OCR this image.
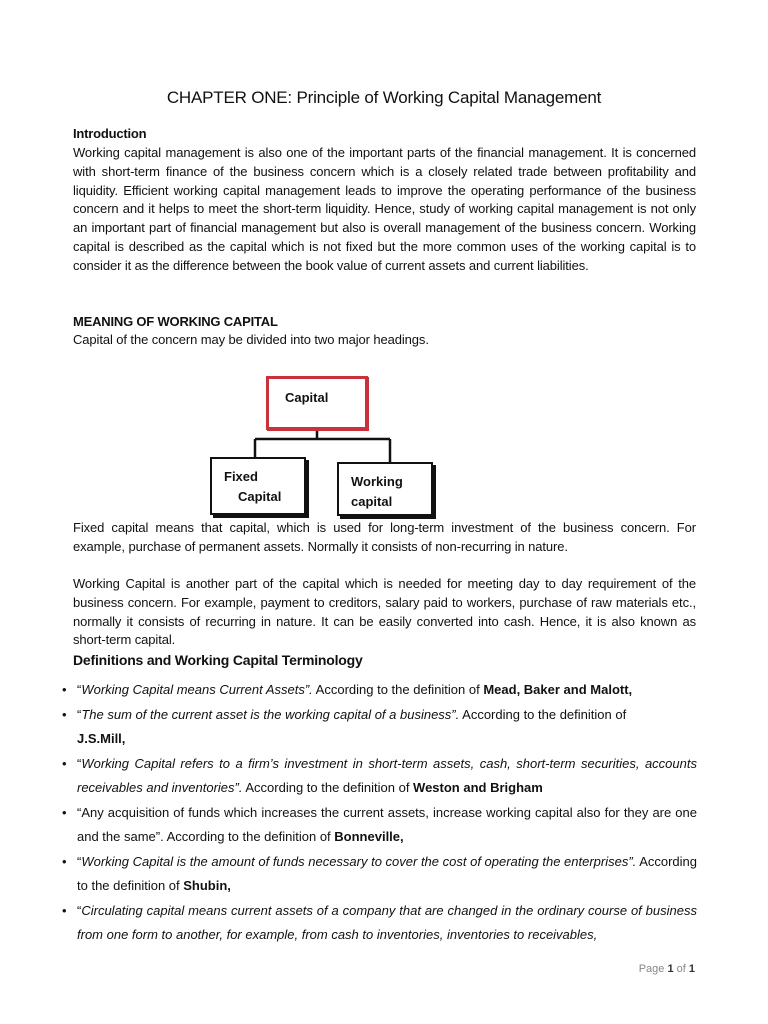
CHAPTER ONE: Principle of Working Capital Management
Introduction
Working capital management is also one of the important parts of the financial management. It is concerned with short-term finance of the business concern which is a closely related trade between profitability and liquidity. Efficient working capital management leads to improve the operating performance of the business concern and it helps to meet the short-term liquidity. Hence, study of working capital management is not only an important part of financial management but also is overall management of the business concern. Working capital is described as the capital which is not fixed but the more common uses of the working capital is to consider it as the difference between the book value of current assets and current liabilities.
MEANING OF WORKING CAPITAL
Capital of the concern may be divided into two major headings.
Capital
Fixed
Capital
Working
capital
Fixed capital means that capital, which is used for long-term investment of the business concern. For example, purchase of permanent assets. Normally it consists of non-recurring in nature.
Working Capital is another part of the capital which is needed for meeting day to day requirement of the business concern. For example, payment to creditors, salary paid to workers, purchase of raw materials etc., normally it consists of recurring in nature. It can be easily converted into cash. Hence, it is also known as short-term capital.
Definitions and Working Capital Terminology
• “Working Capital means Current Assets”. According to the definition of Mead, Baker and Malott,
• “The sum of the current asset is the working capital of a business”. According to the definition of
J.S.Mill,
• “Working Capital refers to a firm’s investment in short-term assets, cash, short-term securities, accounts receivables and inventories”. According to the definition of Weston and Brigham
• “Any acquisition of funds which increases the current assets, increase working capital also for they are one and the same”. According to the definition of Bonneville,
• “Working Capital is the amount of funds necessary to cover the cost of operating the enterprises”. According to the definition of Shubin,
• “Circulating capital means current assets of a company that are changed in the ordinary course of business from one form to another, for example, from cash to inventories, inventories to receivables,
Page 1 of 1
